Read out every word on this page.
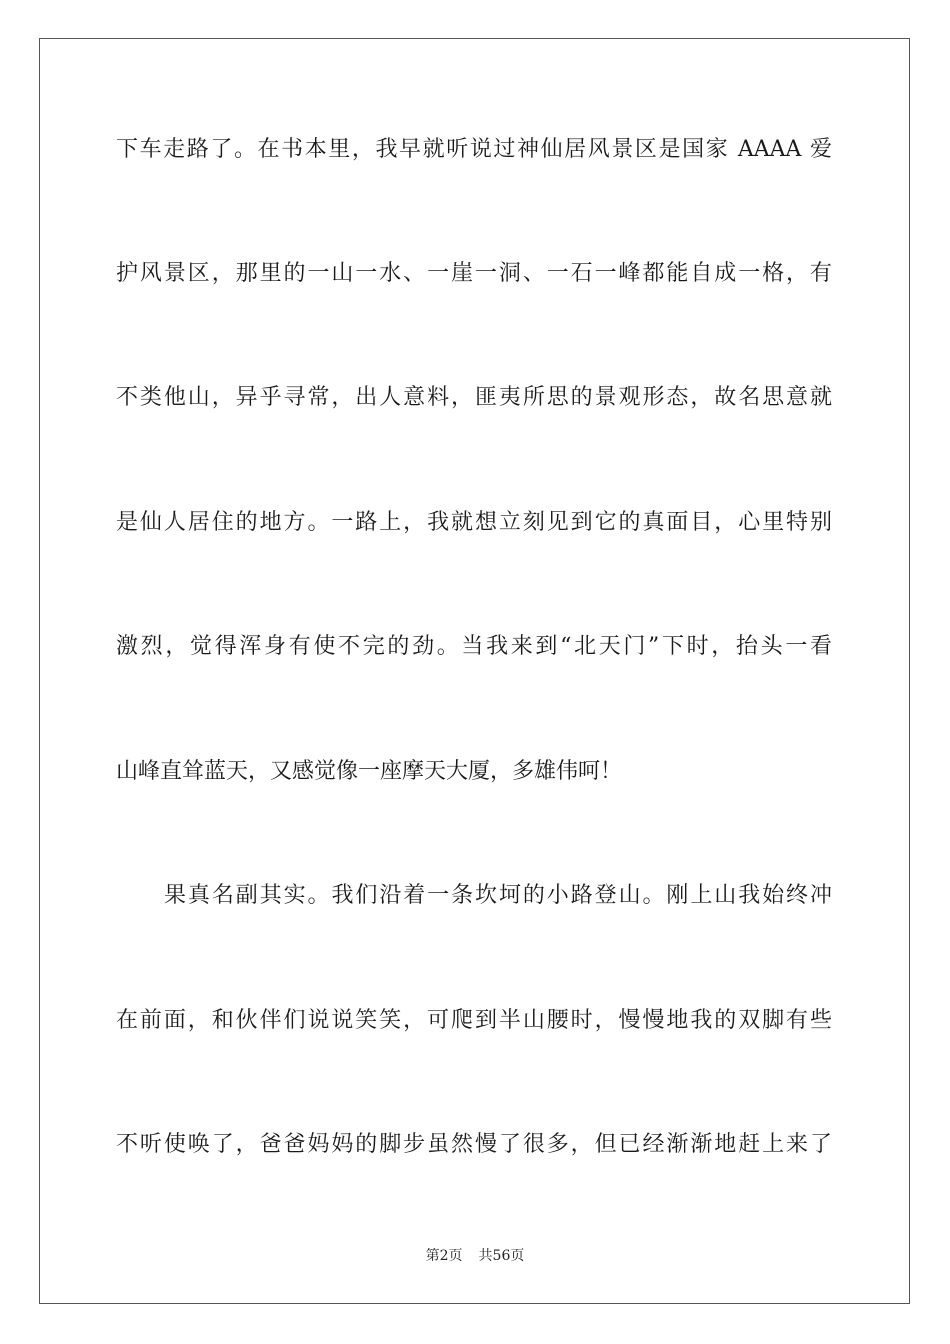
下车走路了。在书本里，我早就听说过神仙居风景区是国家 AAAA 爱
护风景区，那里的一山一水、一崖一洞、一石一峰都能自成一格，有
不类他山，异乎寻常，出人意料，匪夷所思的景观形态，故名思意就
是仙人居住的地方。一路上，我就想立刻见到它的真面目，心里特别
激烈，觉得浑身有使不完的劲。当我来到“北天门”下时，抬头一看
山峰直耸蓝天，又感觉像一座摩天大厦，多雄伟呵！
果真名副其实。我们沿着一条坎坷的小路登山。刚上山我始终冲
在前面，和伙伴们说说笑笑，可爬到半山腰时，慢慢地我的双脚有些
不听使唤了，爸爸妈妈的脚步虽然慢了很多，但已经渐渐地赶上来了
第2页 共56页
